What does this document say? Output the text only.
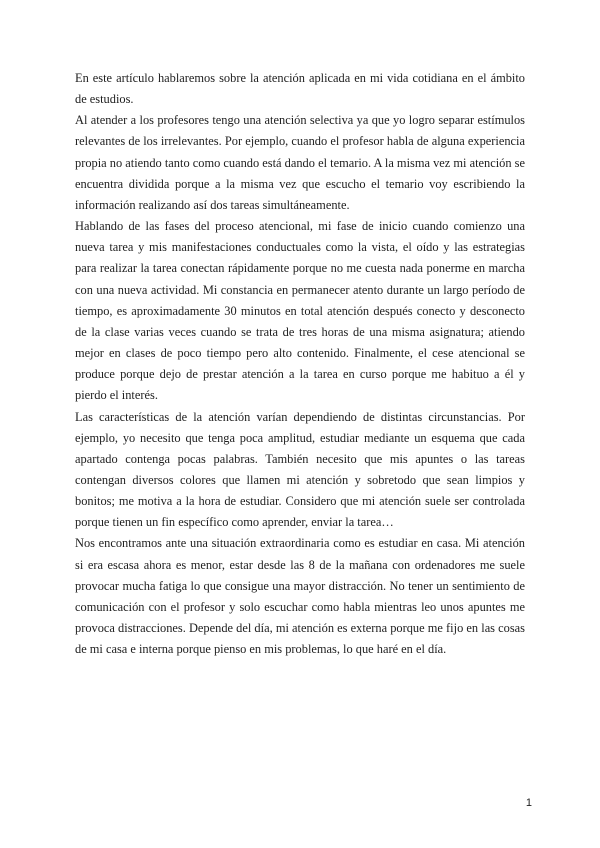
En este artículo hablaremos sobre la atención aplicada en mi vida cotidiana en el ámbito de estudios.

Al atender a los profesores tengo una atención selectiva ya que yo logro separar estímulos relevantes de los irrelevantes. Por ejemplo, cuando el profesor habla de alguna experiencia propia no atiendo tanto como cuando está dando el temario. A la misma vez mi atención se encuentra dividida porque a la misma vez que escucho el temario voy escribiendo la información realizando así dos tareas simultáneamente.

Hablando de las fases del proceso atencional, mi fase de inicio cuando comienzo una nueva tarea y mis manifestaciones conductuales como la vista, el oído y las estrategias para realizar la tarea conectan rápidamente porque no me cuesta nada ponerme en marcha con una nueva actividad. Mi constancia en permanecer atento durante un largo período de tiempo, es aproximadamente 30 minutos en total atención después conecto y desconecto de la clase varias veces cuando se trata de tres horas de una misma asignatura; atiendo mejor en clases de poco tiempo pero alto contenido. Finalmente, el cese atencional se produce porque dejo de prestar atención a la tarea en curso porque me habituo a él y pierdo el interés.

Las características de la atención varían dependiendo de distintas circunstancias. Por ejemplo, yo necesito que tenga poca amplitud, estudiar mediante un esquema que cada apartado contenga pocas palabras. También necesito que mis apuntes o las tareas contengan diversos colores que llamen mi atención y sobretodo que sean limpios y bonitos; me motiva a la hora de estudiar. Considero que mi atención suele ser controlada porque tienen un fin específico como aprender, enviar la tarea…

Nos encontramos ante una situación extraordinaria como es estudiar en casa. Mi atención si era escasa ahora es menor, estar desde las 8 de la mañana con ordenadores me suele provocar mucha fatiga lo que consigue una mayor distracción. No tener un sentimiento de comunicación con el profesor y solo escuchar como habla mientras leo unos apuntes me provoca distracciones. Depende del día, mi atención es externa porque me fijo en las cosas de mi casa e interna porque pienso en mis problemas, lo que haré en el día.

1
